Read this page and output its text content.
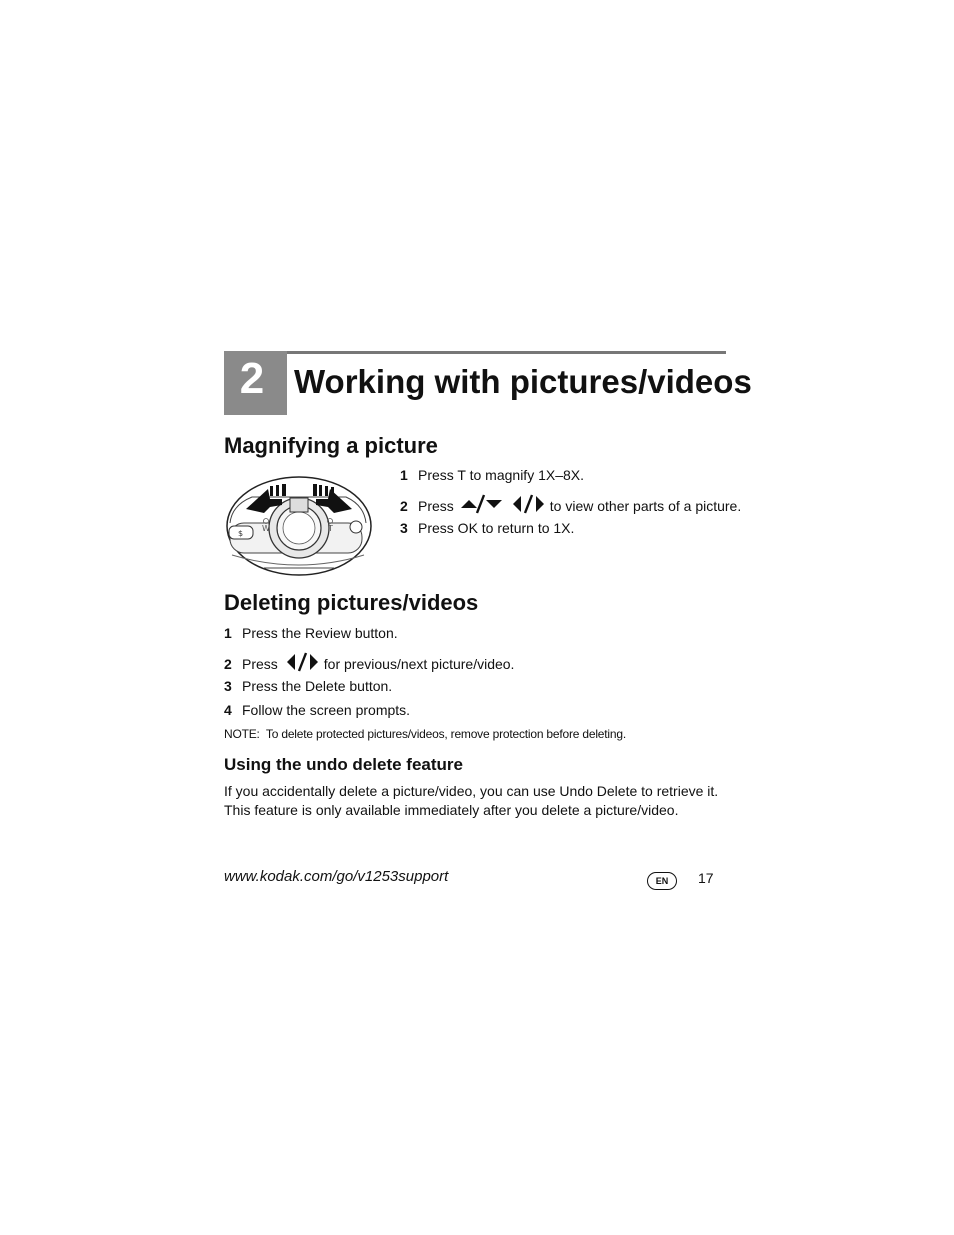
2 Working with pictures/videos
Magnifying a picture
$
W	T
1 Press T to magnify 1X–8X.
2 Press	to view other parts of a picture.
3 Press OK to return to 1X.
Deleting pictures/videos
1 Press the Review button.
2 Press	for previous/next picture/video.
3 Press the Delete button.
4 Follow the screen prompts.
NOTE:  To delete protected pictures/videos, remove protection before deleting.
Using the undo delete feature
If you accidentally delete a picture/video, you can use Undo Delete to retrieve it. This feature is only available immediately after you delete a picture/video.
www.kodak.com/go/v1253support	EN	17
